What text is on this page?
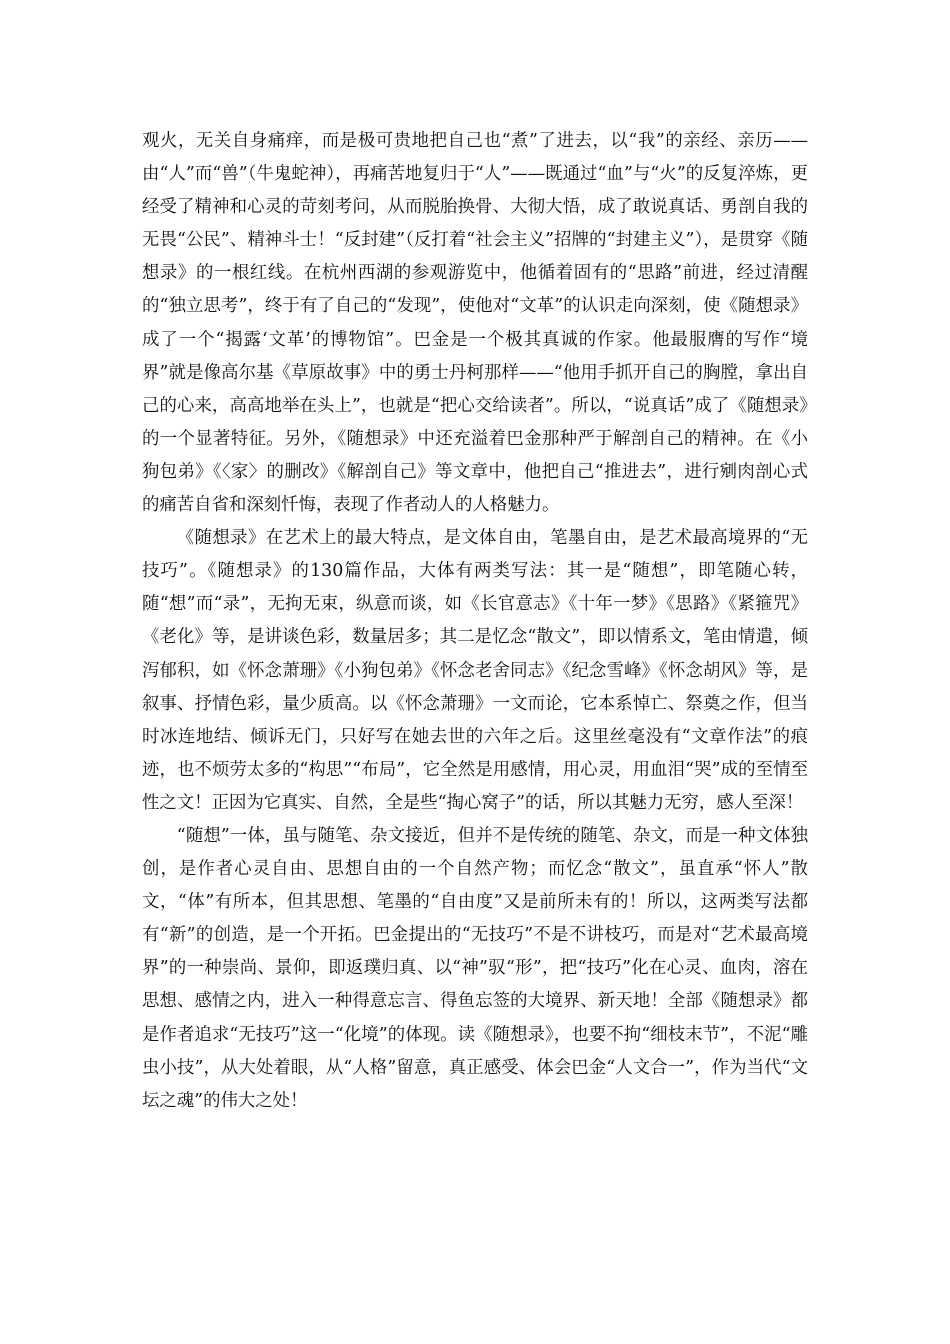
观火，无关自身痛痒，而是极可贵地把自己也“煮”了进去，以“我”的亲经、亲历——由“人”而“兽”（牛鬼蛇神），再痛苦地复归于“人”——既通过“血”与“火”的反复淬炼，更经受了精神和心灵的苛刻考问，从而脱胎换骨、大彻大悟，成了敢说真话、勇剖自我的无畏“公民”、精神斗士！“反封建”（反打着“社会主义”招牌的“封建主义”），是贯穿《随想录》的一根红线。在杭州西湖的参观游览中，他循着固有的“思路”前进，经过清醒的“独立思考”，终于有了自己的“发现”，使他对“文革”的认识走向深刻，使《随想录》成了一个“揭露‘文革’的博物馆”。巴金是一个极其真诚的作家。他最服膺的写作“境界”就是像高尔基《草原故事》中的勇士丹柯那样——“他用手抓开自己的胸膛，拿出自己的心来，高高地举在头上”，也就是“把心交给读者”。所以，“说真话”成了《随想录》的一个显著特征。另外，《随想录》中还充溢着巴金那种严于解剖自己的精神。在《小狗包弟》《〈家〉的删改》《解剖自己》等文章中，他把自己“推进去”，进行剜肉剖心式的痛苦自省和深刻忏悔，表现了作者动人的人格魅力。

《随想录》在艺术上的最大特点，是文体自由，笔墨自由，是艺术最高境界的“无技巧”。《随想录》的130篇作品，大体有两类写法：其一是“随想”，即笔随心转，随“想”而“录”，无拘无束，纵意而谈，如《长官意志》《十年一梦》《思路》《紧箍咒》《老化》等，是讲谈色彩，数量居多；其二是忆念“散文”，即以情系文，笔由情遣，倾泻郁积，如《怀念萧珊》《小狗包弟》《怀念老舍同志》《纪念雪峰》《怀念胡风》等，是叙事、抒情色彩，量少质高。以《怀念萧珊》一文而论，它本系悼亡、祭奠之作，但当时冰连地结、倾诉无门，只好写在她去世的六年之后。这里丝毫没有“文章作法”的痕迹，也不烦劳太多的“构思”“布局”，它全然是用感情，用心灵，用血泪“哭”成的至情至性之文！正因为它真实、自然，全是些“掏心窝子”的话，所以其魅力无穷，感人至深！

“随想”一体，虽与随笔、杂文接近，但并不是传统的随笔、杂文，而是一种文体独创，是作者心灵自由、思想自由的一个自然产物；而忆念“散文”，虽直承“怀人”散文，“体”有所本，但其思想、笔墨的“自由度”又是前所未有的！所以，这两类写法都有“新”的创造，是一个开拓。巴金提出的“无技巧”不是不讲枝巧，而是对“艺术最高境界”的一种崇尚、景仰，即返璞归真、以“神”驭“形”，把“技巧”化在心灵、血肉，溶在思想、感情之内，进入一种得意忘言、得鱼忘签的大境界、新天地！全部《随想录》都是作者追求“无技巧”这一“化境”的体现。读《随想录》，也要不拘“细枝末节”，不泥“雕虫小技”，从大处着眼，从“人格”留意，真正感受、体会巴金“人文合一”，作为当代“文坛之魂”的伟大之处！
